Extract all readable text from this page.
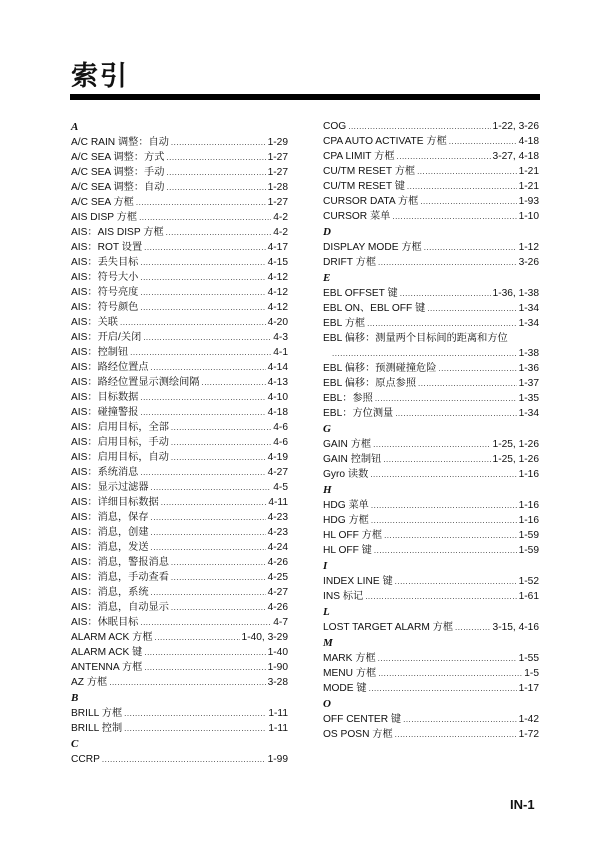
索引
A
A/C RAIN 调整：自动 .....	1-29
A/C SEA 调整：方式 .....	1-27
A/C SEA 调整：手动 .....	1-27
A/C SEA 调整：自动 .....	1-28
A/C SEA 方框 .....	1-27
AIS DISP 方框 .....	4-2
AIS：AIS DISP 方框 .....	4-2
AIS：ROT 设置 .....	4-17
AIS：丢失目标 .....	4-15
AIS：符号大小 .....	4-12
AIS：符号亮度 .....	4-12
AIS：符号颜色 .....	4-12
AIS：关联 .....	4-20
AIS：开启/关闭 .....	4-3
AIS：控制钮 .....	4-1
AIS：路经位置点 .....	4-14
AIS：路经位置显示测绘间隔 .....	4-13
AIS：目标数据 .....	4-10
AIS：碰撞警报 .....	4-18
AIS：启用目标，全部 .....	4-6
AIS：启用目标，手动 .....	4-6
AIS：启用目标，自动 .....	4-19
AIS：系统消息 .....	4-27
AIS：显示过滤器 .....	4-5
AIS：详细目标数据 .....	4-11
AIS：消息，保存 .....	4-23
AIS：消息，创建 .....	4-23
AIS：消息，发送 .....	4-24
AIS：消息，警报消息 .....	4-26
AIS：消息，手动查看 .....	4-25
AIS：消息，系统 .....	4-27
AIS：消息，自动显示 .....	4-26
AIS：休眠目标 .....	4-7
ALARM ACK 方框 .....	1-40, 3-29
ALARM ACK 键 .....	1-40
ANTENNA 方框 .....	1-90
AZ 方框 .....	3-28
B
BRILL 方框 .....	1-11
BRILL 控制 .....	1-11
C
CCRP .....	1-99
COG .....	1-22, 3-26
CPA AUTO ACTIVATE 方框 .....	4-18
CPA LIMIT 方框 .....	3-27, 4-18
CU/TM RESET 方框 .....	1-21
CU/TM RESET 键 .....	1-21
CURSOR DATA 方框 .....	1-93
CURSOR 菜单 .....	1-10
D
DISPLAY MODE 方框 .....	1-12
DRIFT 方框 .....	3-26
E
EBL OFFSET 键 .....	1-36, 1-38
EBL ON、EBL OFF 键 .....	1-34
EBL 方框 .....	1-34
EBL 偏移：测量两个目标间的距离和方位
.....
1-38
EBL 偏移：预测碰撞危险 .....	1-36
EBL 偏移：原点参照 .....	1-37
EBL：参照 .....	1-35
EBL：方位测量 .....	1-34
G
GAIN 方框 .....	1-25, 1-26
GAIN 控制钮 .....	1-25, 1-26
Gyro 读数 .....	1-16
H
HDG 菜单 .....	1-16
HDG 方框 .....	1-16
HL OFF 方框 .....	1-59
HL OFF 键 .....	1-59
I
INDEX LINE 键 .....	1-52
INS 标记 .....	1-61
L
LOST TARGET ALARM 方框 .....	3-15, 4-16
M
MARK 方框 .....	1-55
MENU 方框 .....	1-5
MODE 键 .....	1-17
O
OFF CENTER 键 .....	1-42
OS POSN 方框 .....	1-72
IN-1
